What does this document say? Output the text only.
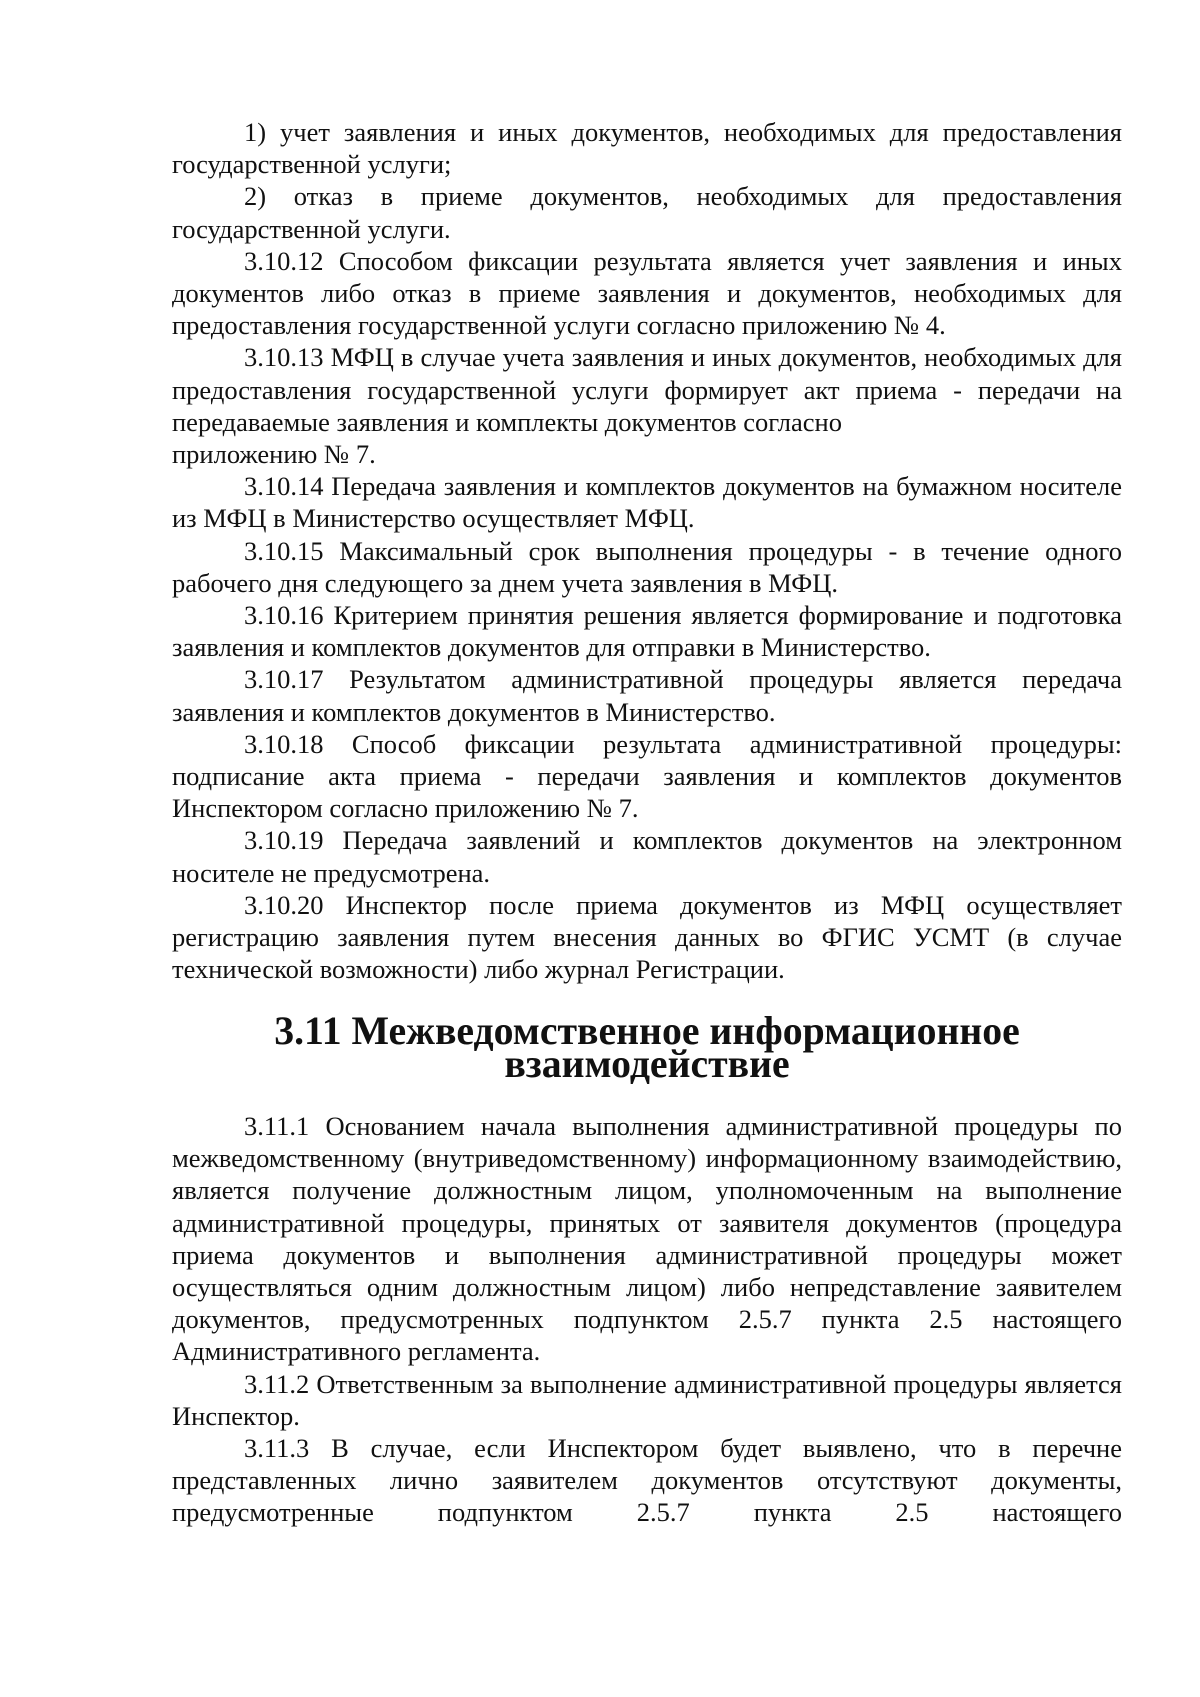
1) учет заявления и иных документов, необходимых для предоставления государственной услуги;

2) отказ в приеме документов, необходимых для предоставления государственной услуги.

3.10.12 Способом фиксации результата является учет заявления и иных документов либо отказ в приеме заявления и документов, необходимых для предоставления государственной услуги согласно приложению № 4.

3.10.13 МФЦ в случае учета заявления и иных документов, необходимых для предоставления государственной услуги формирует акт приема - передачи на передаваемые заявления и комплекты документов согласно

приложению № 7.

3.10.14 Передача заявления и комплектов документов на бумажном носителе из МФЦ в Министерство осуществляет МФЦ.

3.10.15 Максимальный срок выполнения процедуры - в течение одного рабочего дня следующего за днем учета заявления в МФЦ.

3.10.16 Критерием принятия решения является формирование и подготовка заявления и комплектов документов для отправки в Министерство.

3.10.17 Результатом административной процедуры является передача заявления и комплектов документов в Министерство.

3.10.18 Способ фиксации результата административной процедуры: подписание акта приема - передачи заявления и комплектов документов Инспектором согласно приложению № 7.

3.10.19 Передача заявлений и комплектов документов на электронном носителе не предусмотрена.

3.10.20 Инспектор после приема документов из МФЦ осуществляет регистрацию заявления путем внесения данных во ФГИС УСМТ (в случае технической возможности) либо журнал Регистрации.

3.11 Межведомственное информационное взаимодействие

3.11.1 Основанием начала выполнения административной процедуры по межведомственному (внутриведомственному) информационному взаимодействию, является получение должностным лицом, уполномоченным на выполнение административной процедуры, принятых от заявителя документов (процедура приема документов и выполнения административной процедуры может осуществляться одним должностным лицом) либо непредставление заявителем документов, предусмотренных подпунктом 2.5.7 пункта 2.5 настоящего Административного регламента.

3.11.2 Ответственным за выполнение административной процедуры является Инспектор.

3.11.3 В случае, если Инспектором будет выявлено, что в перечне представленных лично заявителем документов отсутствуют документы, предусмотренные подпунктом 2.5.7 пункта 2.5 настоящего
